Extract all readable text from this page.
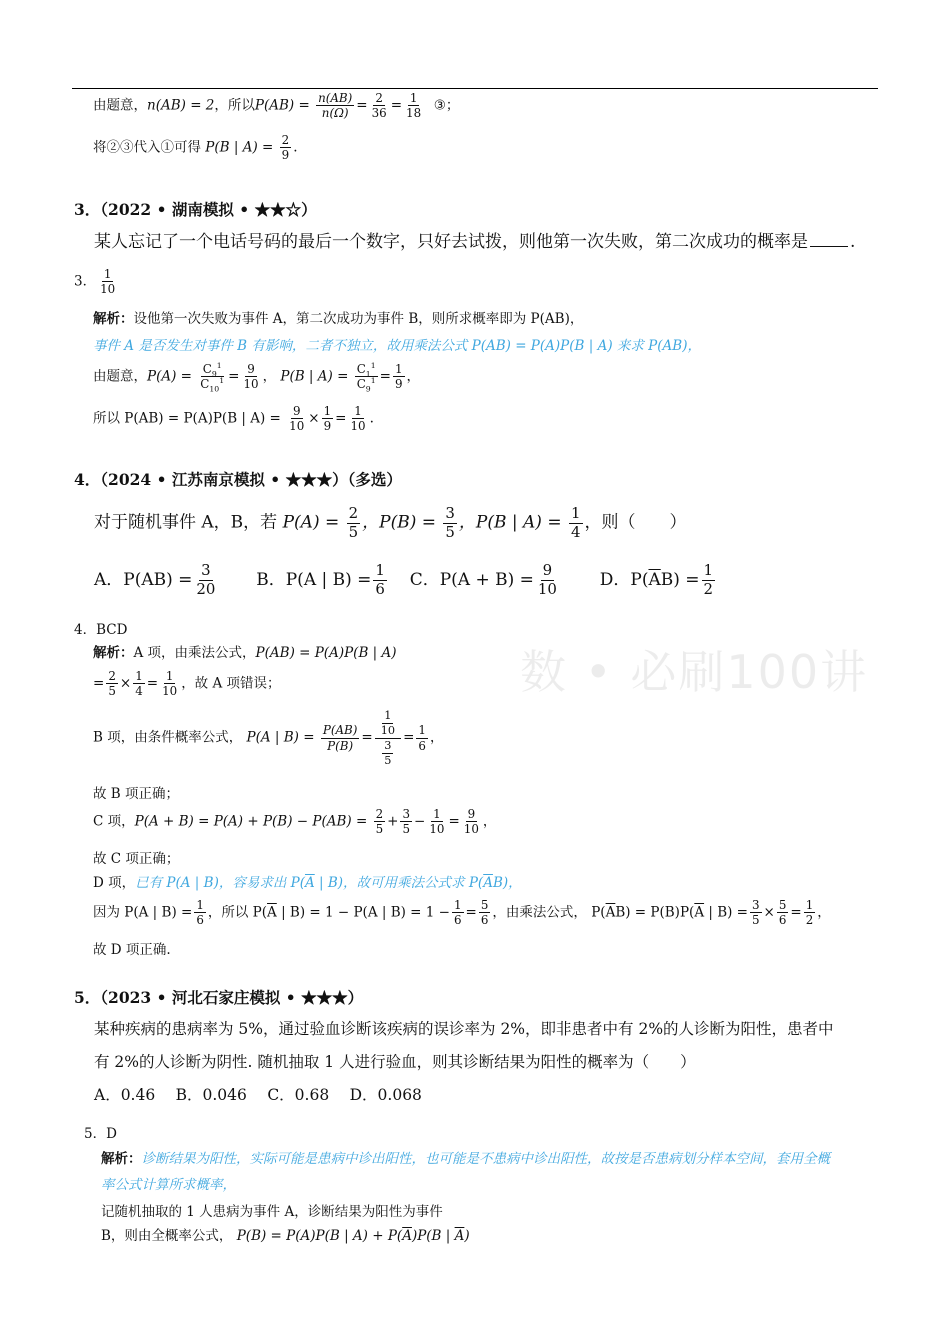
由题意，n(AB) = 2，所以$P(AB) = \frac{n(AB)}{n(\Omega)} = \frac{2}{36} = \frac{1}{18}$ ③；
将②③代入①可得 P(B | $A) = \frac{2}{9}$ .
3．（2022 • 湖南模拟 • ★★☆）
某人忘记了一个电话号码的最后一个数字，只好去试拨，则他第一次失败，第二次成功的概率是 .
3． $\frac{1}{10}$
解析：设他第一次失败为事件 A，第二次成功为事件 B，则所求概率即为 P(AB)，
事件 A 是否发生对事件 B 有影响，二者不独立，故用乘法公式 P(AB) = P(A)P(B | A) 来求 P(AB)，
由题意，$P(A) = \frac{C_9^1}{C_{10}^1} = \frac{9}{10}$ ， P(B | $A) = \frac{C_1^1}{C_9^1} = \frac{1}{9}$ ，
所以 P(AB) = P(A)P(B | $A) = \frac{9}{10} \times \frac{1}{9} = \frac{1}{10}$ .
4．（2024 • 江苏南京模拟 • ★★★）（多选）
对于随机事件 A，B，若 $P(A) = \frac{2}{5}$ ，$P(B) = \frac{3}{5}$ ，P(B | $A) = \frac{1}{4}$ ，则（　　）
A．$P(AB) = \frac{3}{20}$ B．P(A | $B) = \frac{1}{6}$ C．$P(A + B) = \frac{9}{10}$ D．$P(\overline{A}B) = \frac{1}{2}$
4．BCD
解析：A 项，由乘法公式，P(AB) = P(A)P(B | A)
= $\frac{2}{5} \times \frac{1}{4} = \frac{1}{10}$ ，故 A 项错误；
B 项，由条件概率公式， P(A | $B) = \frac{P(AB)}{P(B)} = \frac{\frac{1}{10}}{\frac{3}{5}} = \frac{1}{6}$ ，
故 B 项正确；
C 项，$P(A + B) = P(A) + P(B) - P(AB) = \frac{2}{5} + \frac{3}{5} - \frac{1}{10} = \frac{9}{10}$ ，
故 C 项正确；
D 项，已有 P(A | B)，容易求出 $P(\overline{A}$ | B)，故可用乘法公式求 $P(\overline{A}B)$，
因为 P(A | $B) = \frac{1}{6}$ ，所以 $P(\overline{A}$ | B) = 1 − P(A | $B) = 1 - \frac{1}{6} = \frac{5}{6}$ ，由乘法公式， $P(\overline{A}B) = P(B)P(\overline{A}$ | $B) = \frac{3}{5} \times \frac{5}{6} = \frac{1}{2}$ ，
故 D 项正确.
5．（2023 • 河北石家庄模拟 • ★★★）
某种疾病的患病率为 5%，通过验血诊断该疾病的误诊率为 2%，即非患者中有 2%的人诊断为阳性，患者中
有 2%的人诊断为阴性. 随机抽取 1 人进行验血，则其诊断结果为阳性的概率为（　　）
A．0.46　 B．0.046　 C．0.68　 D．0.068
5．D
解析：诊断结果为阳性，实际可能是患病中诊出阳性，也可能是不患病中诊出阳性，故按是否患病划分样本空间，套用全概
率公式计算所求概率，
记随机抽取的 1 人患病为事件 A，诊断结果为阳性为事件
B，则由全概率公式， P(B) = P(A)P(B | $A) + P(\overline{A})P(B$ | $\overline{A}$)
数 • 必刷100讲
